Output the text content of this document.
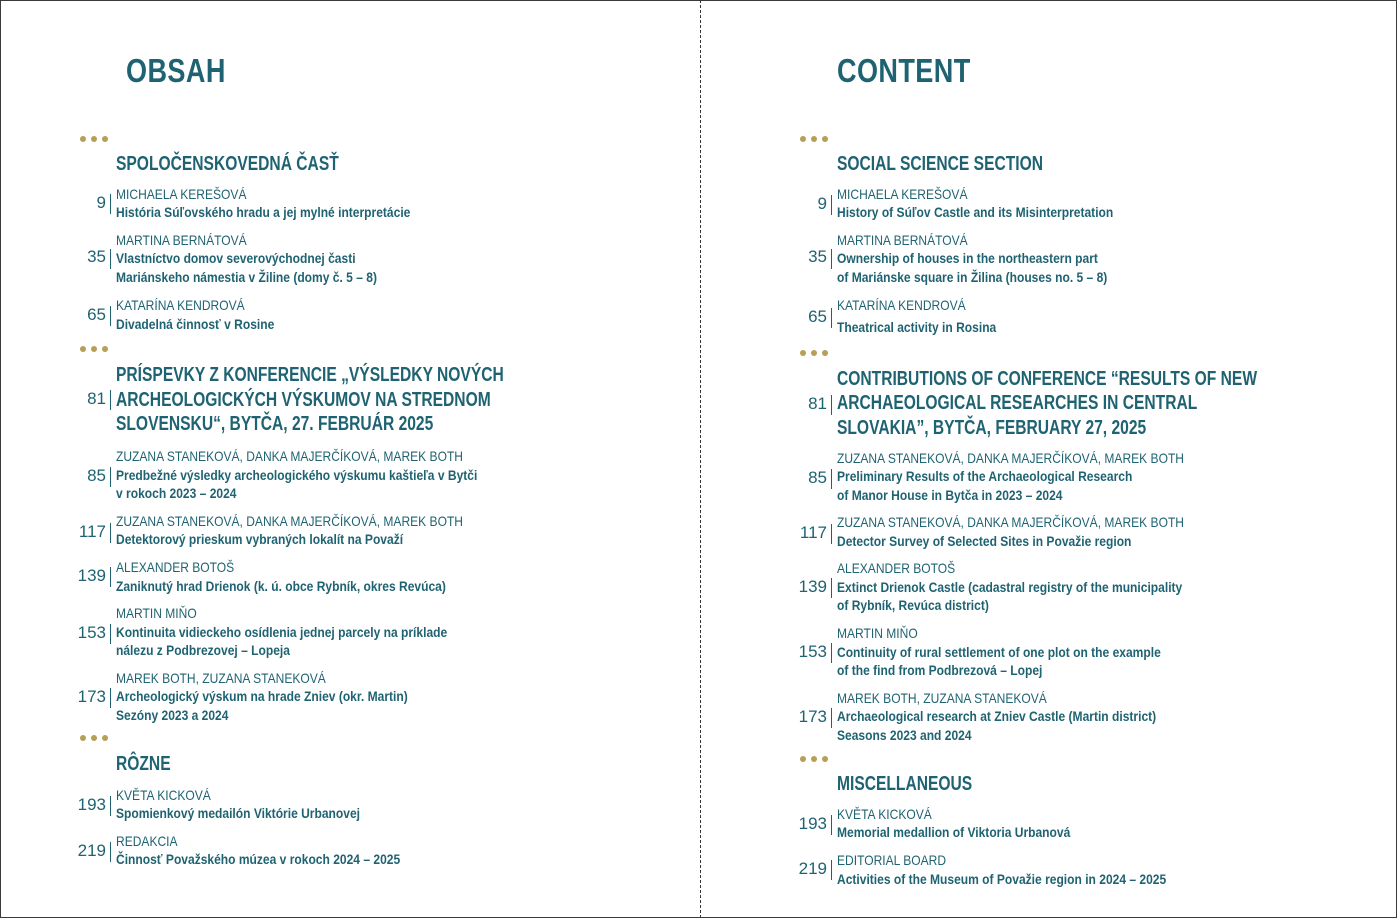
OBSAH
SPOLOČENSKOVEDNÁ ČASŤ
9 MICHAELA KEREŠOVÁ
História Súľovského hradu a jej mylné interpretácie
35
MARTINA BERNÁTOVÁ
Vlastníctvo domov severovýchodnej časti
Mariánskeho námestia v Žiline (domy č. 5 – 8)
65 KATARÍNA KENDROVÁ
Divadelná činnosť v Rosine
81
PRÍSPEVKY Z KONFERENCIE „VÝSLEDKY NOVÝCH
ARCHEOLOGICKÝCH VÝSKUMOV NA STREDNOM
SLOVENSKU“, BYTČA, 27. FEBRUÁR 2025
85
ZUZANA STANEKOVÁ, DANKA MAJERČÍKOVÁ, MAREK BOTH
Predbežné výsledky archeologického výskumu kaštieľa v Bytči
v rokoch 2023 – 2024
117
ZUZANA STANEKOVÁ, DANKA MAJERČÍKOVÁ, MAREK BOTH
Detektorový prieskum vybraných lokalít na Považí
139 ALEXANDER BOTOŠ
Zaniknutý hrad Drienok (k. ú. obce Rybník, okres Revúca)
153
MARTIN MIŇO
Kontinuita vidieckeho osídlenia jednej parcely na príklade
nálezu z Podbrezovej – Lopeja
173
MAREK BOTH, ZUZANA STANEKOVÁ
Archeologický výskum na hrade Zniev (okr. Martin)
Sezóny 2023 a 2024
RÔZNE
193 KVĚTA KICKOVÁ
Spomienkový medailón Viktórie Urbanovej
219 REDAKCIA
Činnosť Považského múzea v rokoch 2024 – 2025
CONTENT
SOCIAL SCIENCE SECTION
9 MICHAELA KEREŠOVÁ
History of Súľov Castle and its Misinterpretation
35
MARTINA BERNÁTOVÁ
Ownership of houses in the northeastern part
of Mariánske square in Žilina (houses no. 5 – 8)
65
KATARÍNA KENDROVÁ
Theatrical activity in Rosina
81
CONTRIBUTIONS OF CONFERENCE “RESULTS OF NEW
ARCHAEOLOGICAL RESEARCHES IN CENTRAL
SLOVAKIA”, BYTČA, FEBRUARY 27, 2025
85
ZUZANA STANEKOVÁ, DANKA MAJERČÍKOVÁ, MAREK BOTH
Preliminary Results of the Archaeological Research
of Manor House in Bytča in 2023 – 2024
117
ZUZANA STANEKOVÁ, DANKA MAJERČÍKOVÁ, MAREK BOTH
Detector Survey of Selected Sites in Považie region
139
ALEXANDER BOTOŠ
Extinct Drienok Castle (cadastral registry of the municipality
of Rybník, Revúca district)
153
MARTIN MIŇO
Continuity of rural settlement of one plot on the example
of the find from Podbrezová – Lopej
173
MAREK BOTH, ZUZANA STANEKOVÁ
Archaeological research at Zniev Castle (Martin district)
Seasons 2023 and 2024
MISCELLANEOUS
193 KVĚTA KICKOVÁ
Memorial medallion of Viktoria Urbanová
219 EDITORIAL BOARD
Activities of the Museum of Považie region in 2024 – 2025
